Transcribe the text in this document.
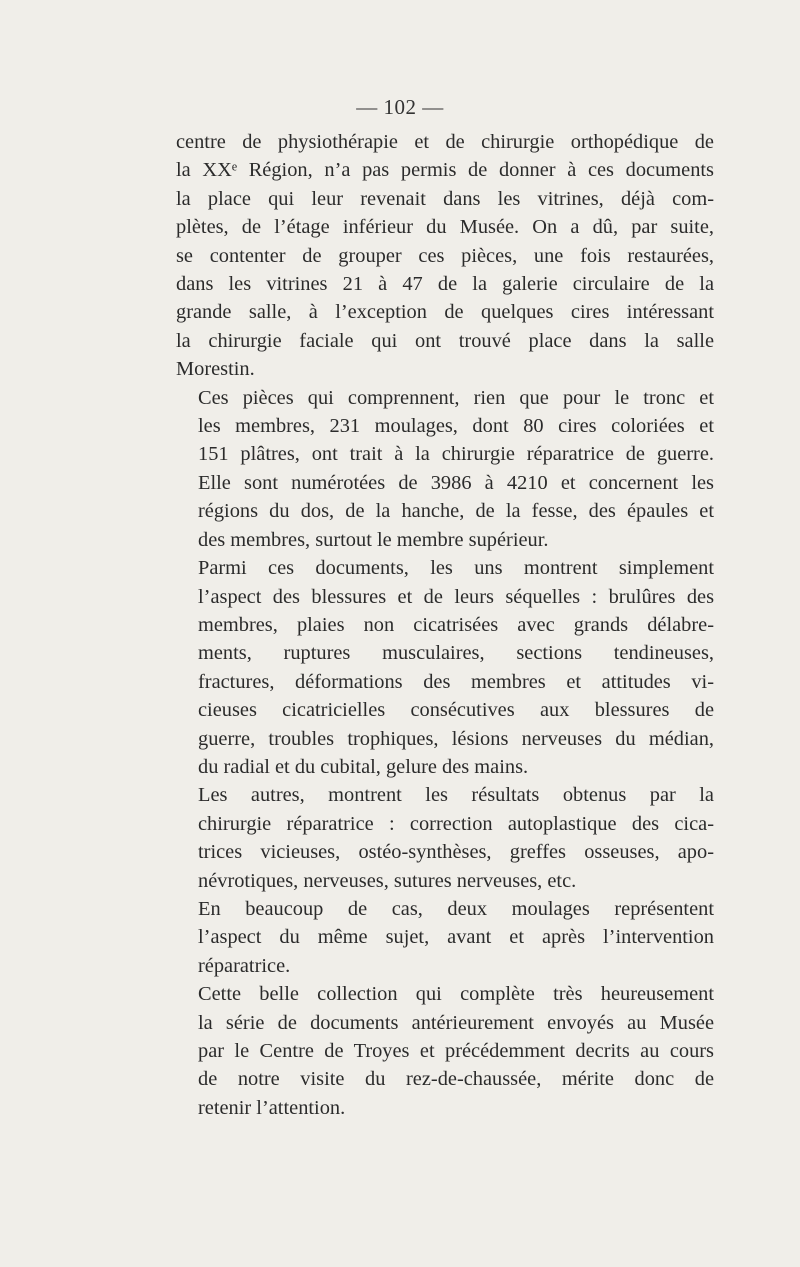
— 102 —

centre de physiothérapie et de chirurgie orthopédique de
la XXᵉ Région, n’a pas permis de donner à ces documents
la place qui leur revenait dans les vitrines, déjà com-
plètes, de l’étage inférieur du Musée. On a dû, par suite,
se contenter de grouper ces pièces, une fois restaurées,
dans les vitrines 21 à 47 de la galerie circulaire de la
grande salle, à l’exception de quelques cires intéressant
la chirurgie faciale qui ont trouvé place dans la salle
Morestin.

Ces pièces qui comprennent, rien que pour le tronc et
les membres, 231 moulages, dont 80 cires coloriées et
151 plâtres, ont trait à la chirurgie réparatrice de guerre.
Elle sont numérotées de 3986 à 4210 et concernent les
régions du dos, de la hanche, de la fesse, des épaules et
des membres, surtout le membre supérieur.

Parmi ces documents, les uns montrent simplement
l’aspect des blessures et de leurs séquelles : brulûres des
membres, plaies non cicatrisées avec grands délabre-
ments, ruptures musculaires, sections tendineuses,
fractures, déformations des membres et attitudes vi-
cieuses cicatricielles consécutives aux blessures de
guerre, troubles trophiques, lésions nerveuses du médian,
du radial et du cubital, gelure des mains.

Les autres, montrent les résultats obtenus par la
chirurgie réparatrice : correction autoplastique des cica-
trices vicieuses, ostéo-synthèses, greffes osseuses, apo-
névrotiques, nerveuses, sutures nerveuses, etc.

En beaucoup de cas, deux moulages représentent
l’aspect du même sujet, avant et après l’intervention
réparatrice.

Cette belle collection qui complète très heureusement
la série de documents antérieurement envoyés au Musée
par le Centre de Troyes et précédemment decrits au cours
de notre visite du rez-de-chaussée, mérite donc de
retenir l’attention.
